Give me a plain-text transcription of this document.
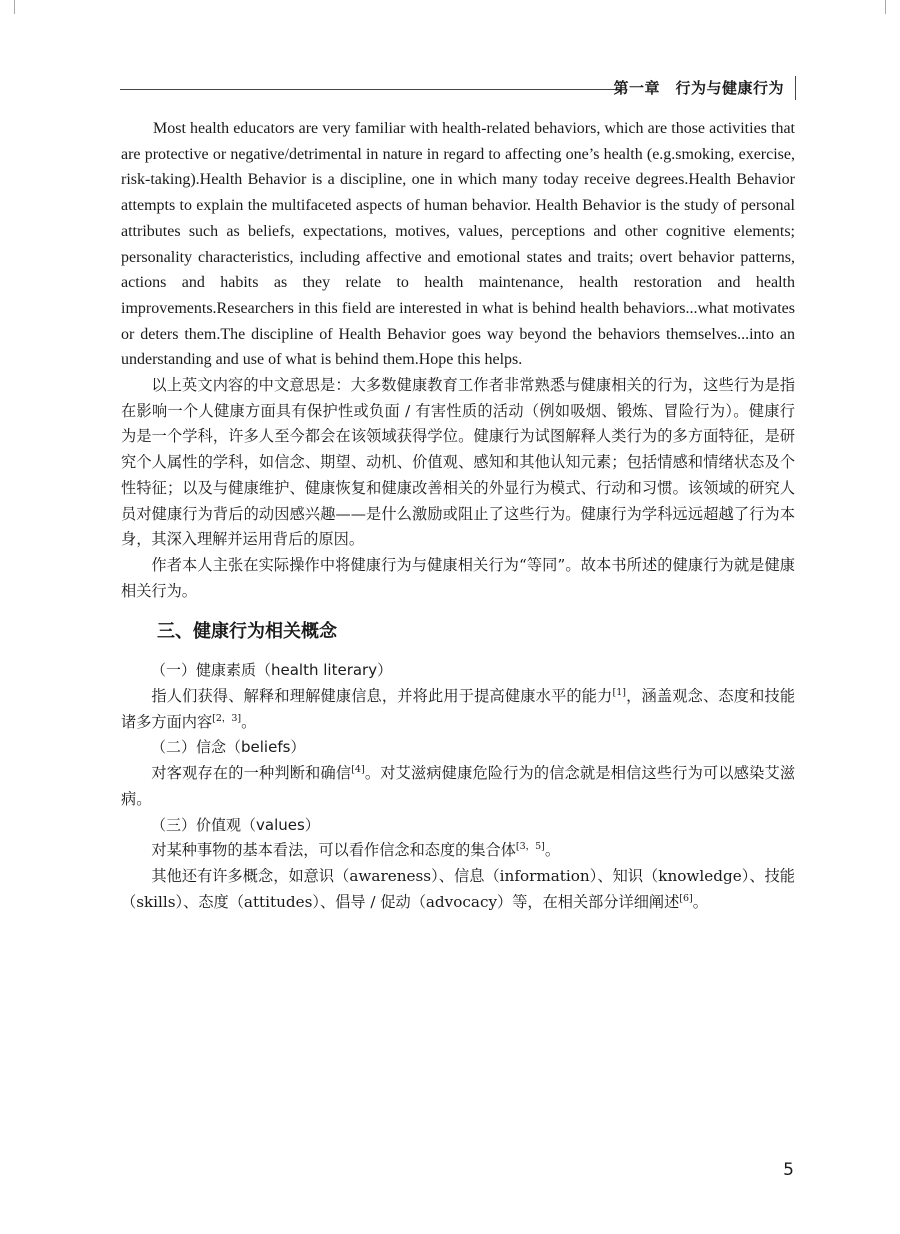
第一章　行为与健康行为

Most health educators are very familiar with health-related behaviors, which are those activities that are protective or negative/detrimental in nature in regard to affecting one’s health (e.g.smoking, exercise, risk-taking).Health Behavior is a discipline, one in which many today receive degrees.Health Behavior attempts to explain the multifaceted aspects of human behavior. Health Behavior is the study of personal attributes such as beliefs, expectations, motives, values, perceptions and other cognitive elements; personality characteristics, including affective and emotional states and traits; overt behavior patterns, actions and habits as they relate to health maintenance, health restoration and health improvements.Researchers in this field are interested in what is behind health behaviors...what motivates or deters them.The discipline of Health Behavior goes way beyond the behaviors themselves...into an understanding and use of what is behind them.Hope this helps.

以上英文内容的中文意思是：大多数健康教育工作者非常熟悉与健康相关的行为，这些行为是指在影响一个人健康方面具有保护性或负面 / 有害性质的活动（例如吸烟、锻炼、冒险行为）。健康行为是一个学科，许多人至今都会在该领域获得学位。健康行为试图解释人类行为的多方面特征，是研究个人属性的学科，如信念、期望、动机、价值观、感知和其他认知元素；包括情感和情绪状态及个性特征；以及与健康维护、健康恢复和健康改善相关的外显行为模式、行动和习惯。该领域的研究人员对健康行为背后的动因感兴趣——是什么激励或阻止了这些行为。健康行为学科远远超越了行为本身，其深入理解并运用背后的原因。

作者本人主张在实际操作中将健康行为与健康相关行为“等同”。故本书所述的健康行为就是健康相关行为。

三、健康行为相关概念
（一）健康素质（health literary）

指人们获得、解释和理解健康信息，并将此用于提高健康水平的能力[1]，涵盖观念、态度和技能诸多方面内容[2，3]。

（二）信念（beliefs）

对客观存在的一种判断和确信[4]。对艾滋病健康危险行为的信念就是相信这些行为可以感染艾滋病。

（三）价值观（values）

对某种事物的基本看法，可以看作信念和态度的集合体[3，5]。

其他还有许多概念，如意识（awareness）、信息（information）、知识（knowledge）、技能（skills）、态度（attitudes）、倡导 / 促动（advocacy）等，在相关部分详细阐述[6]。

5
